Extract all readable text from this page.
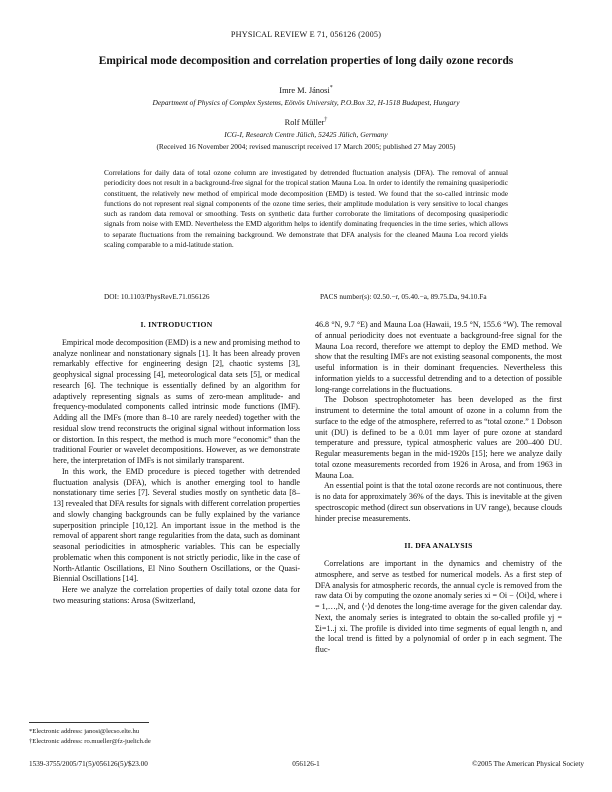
PHYSICAL REVIEW E 71, 056126 (2005)
Empirical mode decomposition and correlation properties of long daily ozone records
Imre M. Jánosi*
Department of Physics of Complex Systems, Eötvös University, P.O.Box 32, H-1518 Budapest, Hungary
Rolf Müller†
ICG-I, Research Centre Jülich, 52425 Jülich, Germany
(Received 16 November 2004; revised manuscript received 17 March 2005; published 27 May 2005)
Correlations for daily data of total ozone column are investigated by detrended fluctuation analysis (DFA). The removal of annual periodicity does not result in a background-free signal for the tropical station Mauna Loa. In order to identify the remaining quasiperiodic constituent, the relatively new method of empirical mode decomposition (EMD) is tested. We found that the so-called intrinsic mode functions do not represent real signal components of the ozone time series, their amplitude modulation is very sensitive to local changes such as random data removal or smoothing. Tests on synthetic data further corroborate the limitations of decomposing quasiperiodic signals from noise with EMD. Nevertheless the EMD algorithm helps to identify dominating frequencies in the time series, which allows to separate fluctuations from the remaining background. We demonstrate that DFA analysis for the cleaned Mauna Loa record yields scaling comparable to a mid-latitude station.
DOI: 10.1103/PhysRevE.71.056126	PACS number(s): 02.50.−r, 05.40.−a, 89.75.Da, 94.10.Fa
I. INTRODUCTION

Empirical mode decomposition (EMD) is a new and promising method to analyze nonlinear and nonstationary signals [1]. It has been already proven remarkably effective for engineering design [2], chaotic systems [3], geophysical signal processing [4], meteorological data sets [5], or medical research [6]. The technique is essentially defined by an algorithm for adaptively representing signals as sums of zero-mean amplitude- and frequency-modulated components called intrinsic mode functions (IMF). Adding all the IMFs (more than 8–10 are rarely needed) together with the residual slow trend reconstructs the original signal without information loss or distortion. In this respect, the method is much more “economic” than the traditional Fourier or wavelet decompositions. However, as we demonstrate here, the interpretation of IMFs is not similarly transparent.

In this work, the EMD procedure is pieced together with detrended fluctuation analysis (DFA), which is another emerging tool to handle nonstationary time series [7]. Several studies mostly on synthetic data [8–13] revealed that DFA results for signals with different correlation properties and slowly changing backgrounds can be fully explained by the variance superposition principle [10,12]. An important issue in the method is the removal of apparent short range regularities from the data, such as dominant seasonal periodicities in atmospheric variables. This can be especially problematic when this component is not strictly periodic, like in the case of North-Atlantic Oscillations, El Nino Southern Oscillations, or the Quasi-Biennial Oscillations [14].

Here we analyze the correlation properties of daily total ozone data for two measuring stations: Arosa (Switzerland,

46.8 °N, 9.7 °E) and Mauna Loa (Hawaii, 19.5 °N, 155.6 °W). The removal of annual periodicity does not eventuate a background-free signal for the Mauna Loa record, therefore we attempt to deploy the EMD method. We show that the resulting IMFs are not existing seasonal components, the most useful information is in their dominant frequencies. Nevertheless this information yields to a successful detrending and to a detection of possible long-range correlations in the fluctuations.

The Dobson spectrophotometer has been developed as the first instrument to determine the total amount of ozone in a column from the surface to the edge of the atmosphere, referred to as “total ozone.” 1 Dobson unit (DU) is defined to be a 0.01 mm layer of pure ozone at standard temperature and pressure, typical atmospheric values are 200–400 DU. Regular measurements began in the mid-1920s [15]; here we analyze daily total ozone measurements recorded from 1926 in Arosa, and from 1963 in Mauna Loa.

An essential point is that the total ozone records are not continuous, there is no data for approximately 36% of the days. This is inevitable at the given spectroscopic method (direct sun observations in UV range), because clouds hinder precise measurements.

II. DFA ANALYSIS

Correlations are important in the dynamics and chemistry of the atmosphere, and serve as testbed for numerical models. As a first step of DFA analysis for atmospheric records, the annual cycle is removed from the raw data Oi by computing the ozone anomaly series xi = Oi − ⟨Oi⟩d, where i = 1,…,N, and ⟨·⟩d denotes the long-time average for the given calendar day. Next, the anomaly series is integrated to obtain the so-called profile yj = Σi=1..j xi. The profile is divided into time segments of equal length n, and the local trend is fitted by a polynomial of order p in each segment. The fluc-

*Electronic address: janosi@lecso.elte.hu
†Electronic address: ro.mueller@fz-juelich.de
1539-3755/2005/71(5)/056126(5)/$23.00	056126-1	©2005 The American Physical Society
